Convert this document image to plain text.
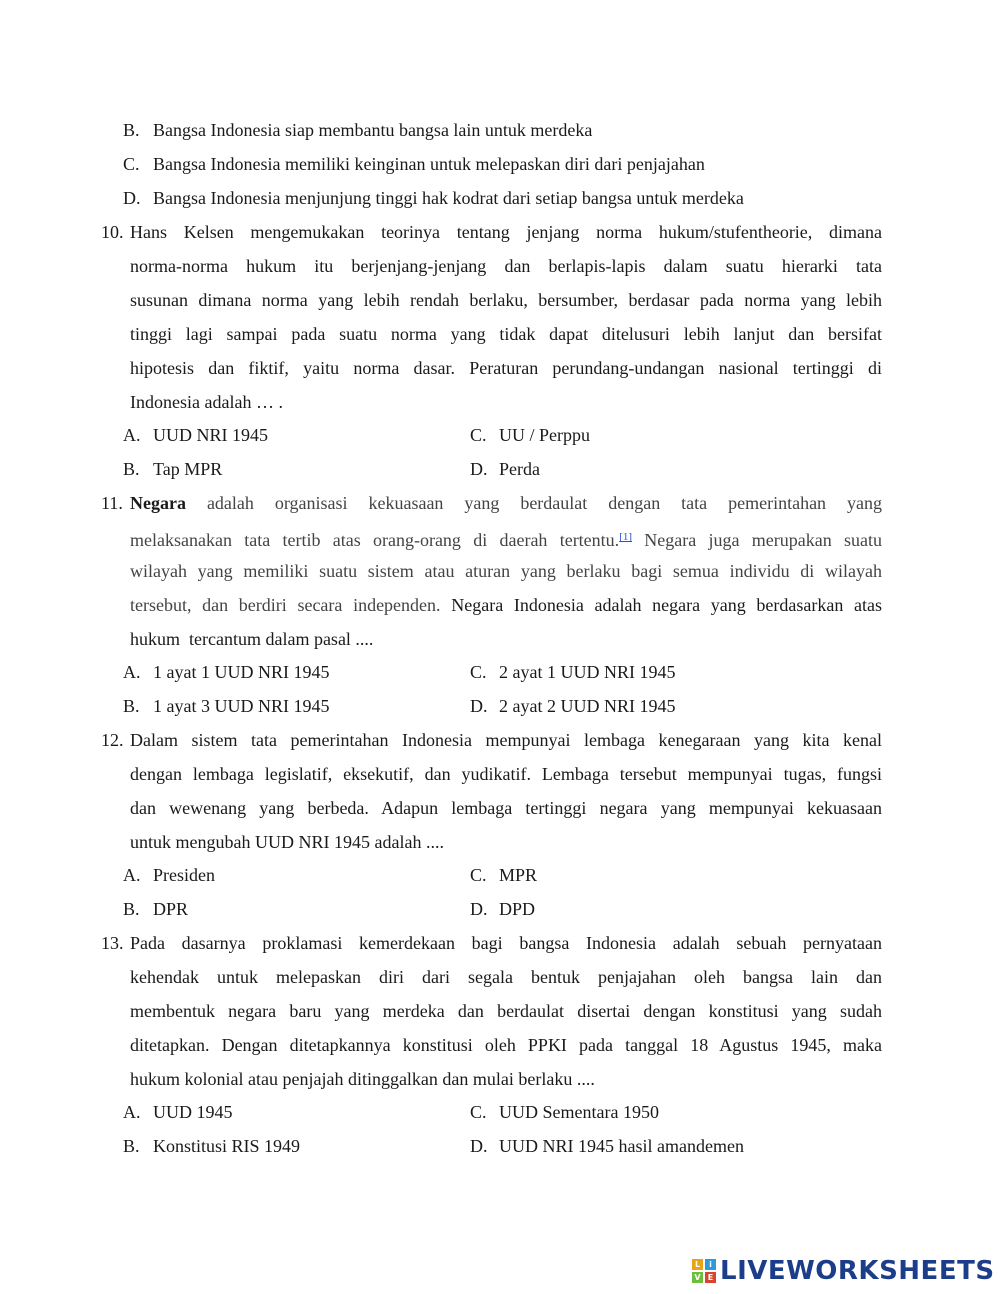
B. Bangsa Indonesia siap membantu bangsa lain untuk merdeka
C. Bangsa Indonesia memiliki keinginan untuk melepaskan diri dari penjajahan
D. Bangsa Indonesia menjunjung tinggi hak kodrat dari setiap bangsa untuk merdeka
10. Hans Kelsen mengemukakan teorinya tentang jenjang norma hukum/stufentheorie, dimana
norma-norma hukum itu berjenjang-jenjang dan berlapis-lapis dalam suatu hierarki tata
susunan dimana norma yang lebih rendah berlaku, bersumber, berdasar pada norma yang lebih
tinggi lagi sampai pada suatu norma yang tidak dapat ditelusuri lebih lanjut dan bersifat
hipotesis dan fiktif, yaitu norma dasar. Peraturan perundang-undangan nasional tertinggi di
Indonesia adalah … .
A. UUD NRI 1945	C. UU / Perppu
B. Tap MPR	D. Perda
11. Negara adalah organisasi kekuasaan yang berdaulat dengan tata pemerintahan yang
melaksanakan tata tertib atas orang-orang di daerah tertentu.[1] Negara juga merupakan suatu
wilayah yang memiliki suatu sistem atau aturan yang berlaku bagi semua individu di wilayah
tersebut, dan berdiri secara independen. Negara Indonesia adalah negara yang berdasarkan atas
hukum  tercantum dalam pasal ....
A. 1 ayat 1 UUD NRI 1945	C. 2 ayat 1 UUD NRI 1945
B. 1 ayat 3 UUD NRI 1945	D. 2 ayat 2 UUD NRI 1945
12. Dalam sistem tata pemerintahan Indonesia mempunyai lembaga kenegaraan yang kita kenal
dengan lembaga legislatif, eksekutif, dan yudikatif. Lembaga tersebut mempunyai tugas, fungsi
dan wewenang yang berbeda. Adapun lembaga tertinggi negara yang mempunyai kekuasaan
untuk mengubah UUD NRI 1945 adalah ....
A. Presiden	C. MPR
B. DPR	D. DPD
13. Pada dasarnya proklamasi kemerdekaan bagi bangsa Indonesia adalah sebuah pernyataan
kehendak untuk melepaskan diri dari segala bentuk penjajahan oleh bangsa lain dan
membentuk negara baru yang merdeka dan berdaulat disertai dengan konstitusi yang sudah
ditetapkan. Dengan ditetapkannya konstitusi oleh PPKI pada tanggal 18 Agustus 1945, maka
hukum kolonial atau penjajah ditinggalkan dan mulai berlaku ....
A. UUD 1945	C. UUD Sementara 1950
B. Konstitusi RIS 1949	D. UUD NRI 1945 hasil amandemen
L	i
V E LIVEWORKSHEETS
